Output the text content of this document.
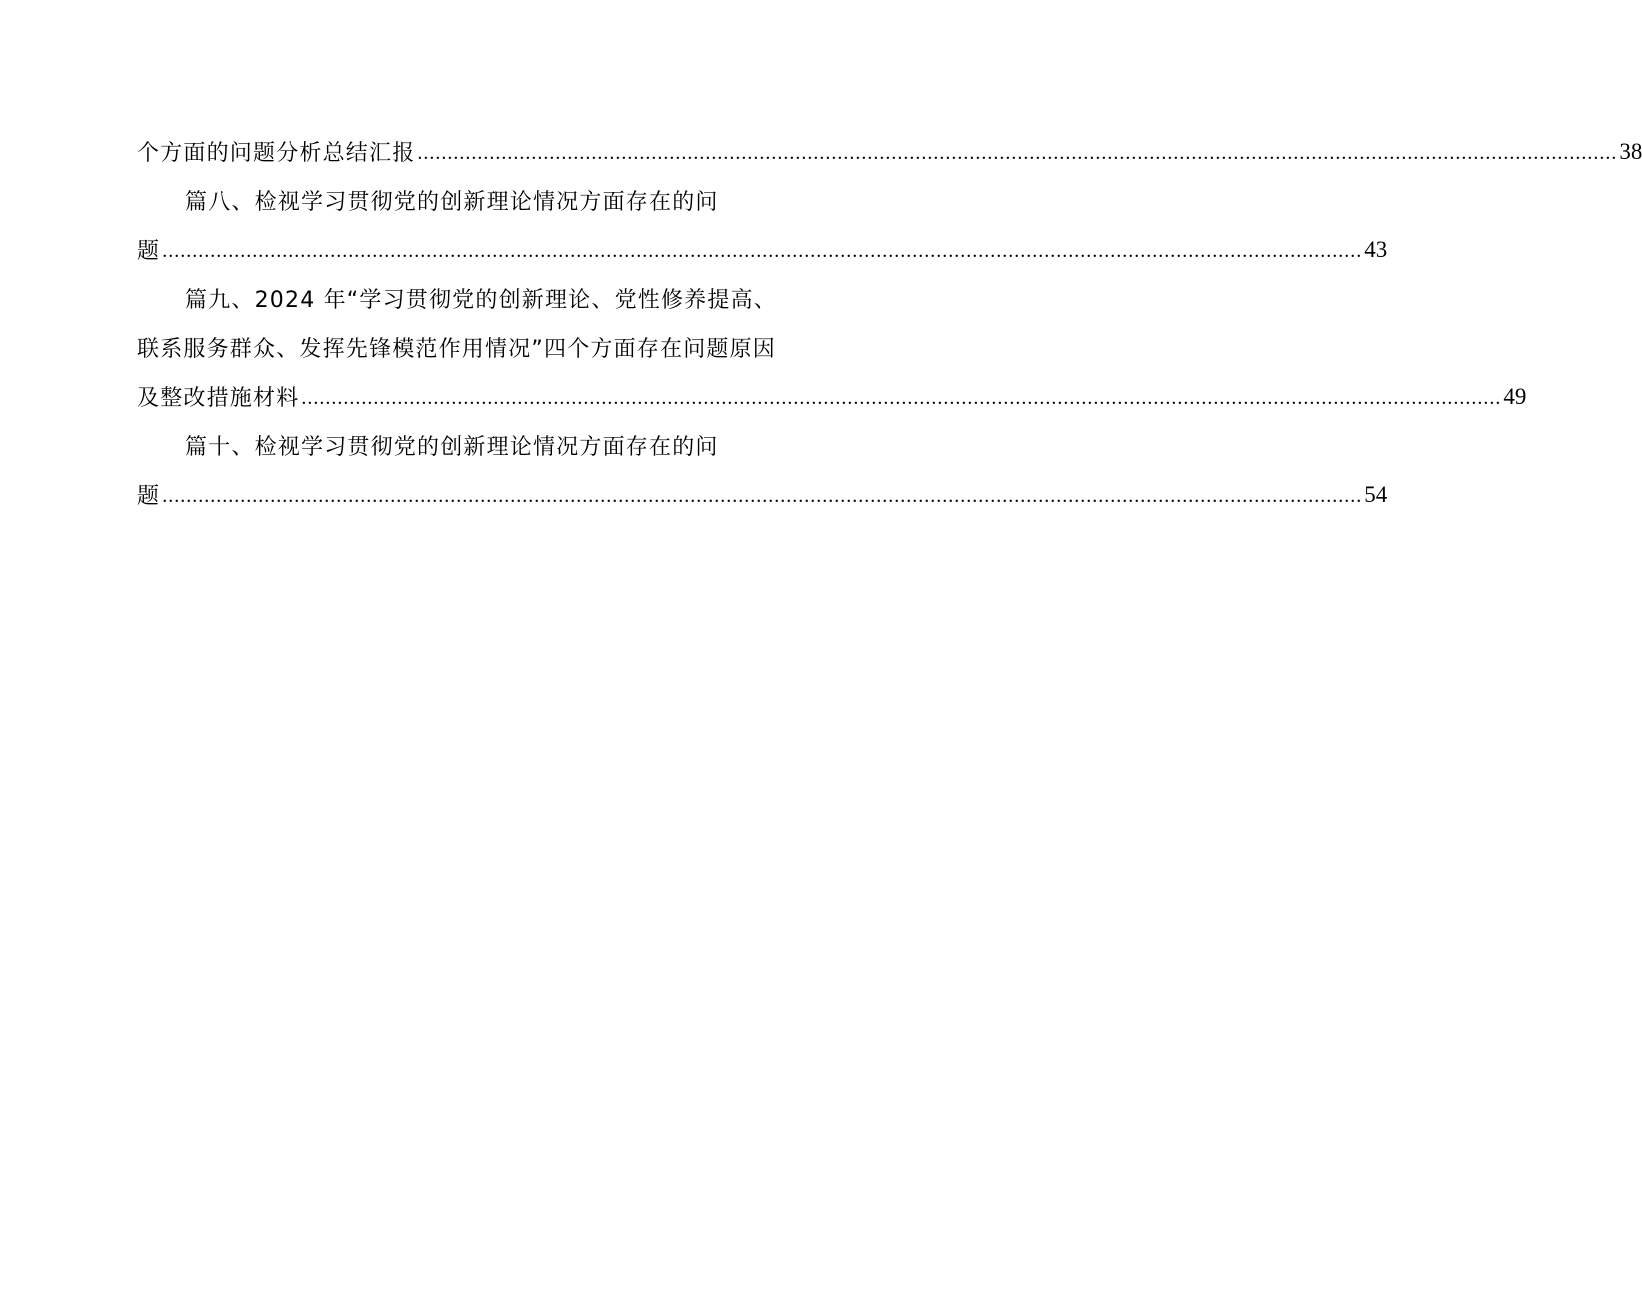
个方面的问题分析总结汇报 ........................................................................................................................................................................................................ 38
篇八、检视学习贯彻党的创新理论情况方面存在的问
题 ........................................................................................................................................................................................................ 43
篇九、2024 年“学习贯彻党的创新理论、党性修养提高、
联系服务群众、发挥先锋模范作用情况”四个方面存在问题原因
及整改措施材料 ........................................................................................................................................................................................................ 49
篇十、检视学习贯彻党的创新理论情况方面存在的问
题 ........................................................................................................................................................................................................ 54
